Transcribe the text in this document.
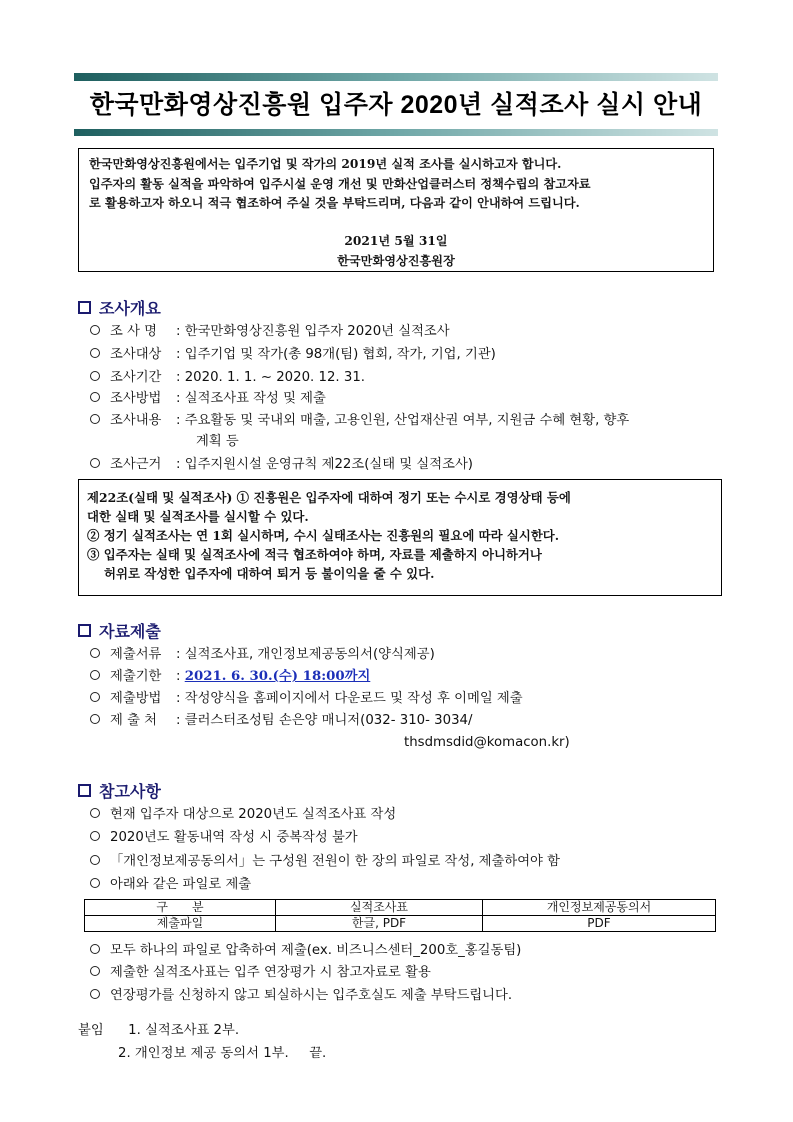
한국만화영상진흥원 입주자 2020년 실적조사 실시 안내

한국만화영상진흥원에서는 입주기업 및 작가의 2019년 실적 조사를 실시하고자 합니다.

입주자의 활동 실적을 파악하여 입주시설 운영 개선 및 만화산업클러스터 정책수립의 참고자료

로 활용하고자 하오니 적극 협조하여 주실 것을 부탁드리며, 다음과 같이 안내하여 드립니다.

2021년 5월 31일
한국만화영상진흥원장
조사개요
조 사 명 : 한국만화영상진흥원 입주자 2020년 실적조사
조사대상 : 입주기업 및 작가(총 98개(팀) 협회, 작가, 기업, 기관)
조사기간 : 2020. 1. 1. ~ 2020. 12. 31.
조사방법 : 실적조사표 작성 및 제출
조사내용 : 주요활동 및 국내외 매출, 고용인원, 산업재산권 여부, 지원금 수혜 현황, 향후
계획 등
조사근거 : 입주지원시설 운영규칙 제22조(실태 및 실적조사)

제22조(실태 및 실적조사) ① 진흥원은 입주자에 대하여 정기 또는 수시로 경영상태 등에

대한 실태 및 실적조사를 실시할 수 있다.

② 정기 실적조사는 연 1회 실시하며, 수시 실태조사는 진흥원의 필요에 따라 실시한다.

③ 입주자는 실태 및 실적조사에 적극 협조하여야 하며, 자료를 제출하지 아니하거나

허위로 작성한 입주자에 대하여 퇴거 등 불이익을 줄 수 있다.

자료제출
제출서류 : 실적조사표, 개인정보제공동의서(양식제공)
제출기한 : 2021. 6. 30.(수) 18:00까지
제출방법 : 작성양식을 홈페이지에서 다운로드 및 작성 후 이메일 제출
제 출 처 : 클러스터조성팀 손은양 매니저(032- 310- 3034/
thsdmsdid@komacon.kr)
참고사항
현재 입주자 대상으로 2020년도 실적조사표 작성
2020년도 활동내역 작성 시 중복작성 불가
「개인정보제공동의서」는 구성원 전원이 한 장의 파일로 작성, 제출하여야 함
아래와 같은 파일로 제출
구　　분	실적조사표	개인정보제공동의서
제출파일	한글, PDF	PDF
모두 하나의 파일로 압축하여 제출(ex. 비즈니스센터_200호_홍길동팀)
제출한 실적조사표는 입주 연장평가 시 참고자료로 활용
연장평가를 신청하지 않고 퇴실하시는 입주호실도 제출 부탁드립니다.
붙임 1. 실적조사표 2부.
2. 개인정보 제공 동의서 1부. 끝.
